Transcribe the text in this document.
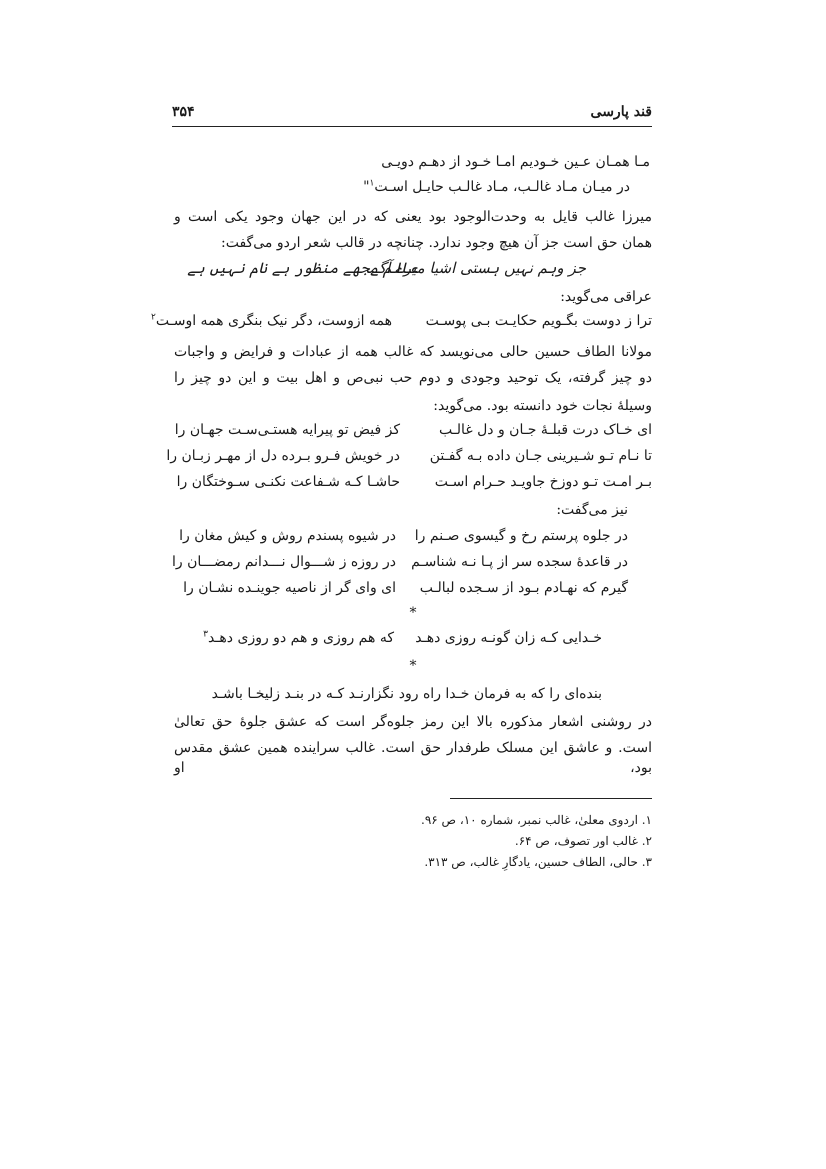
قند پارسی
۳۵۴
مـا همـان عـین خـودیم امـا خـود از دهـم دویـی
در میـان مـاد غالـب، مـاد غالـب حایـل اسـت$^۱$"
میرزا غالب قایل به وحدت‌الوجود بود یعنی که در این جهان وجود یکی است و
همان حق است جز آن هیچ وجود ندارد. چنانچه در قالب شعر اردو می‌گفت:
جز وہم نہیں ہستی اشیا میرے آگے
عالم مجھے منظور ہے نام نہیں ہے
عراقی می‌گوید:
ترا ز دوست بگـویم حکایـت بـی پوسـت
همه ازوست، دگر نیک بنگری همه اوسـت$^۲$
مولانا الطاف حسین حالی می‌نویسد که غالب همه از عبادات و فرایض و واجبات
دو چیز گرفته، یک توحید وجودی و دوم حب نبی‌ص و اهل بیت و این دو چیز را
وسیلهٔ نجات خود دانسته بود. می‌گوید:
ای خـاک درت قبلـهٔ جـان و دل غالـب
کز فیض تو پیرایه هستـی‌سـت جهـان را
تا نـام تـو شـیرینی جـان داده بـه گفـتن
در خویش فـرو بـرده دل از مهـر زبـان را
بـر امـت تـو دوزخ جاویـد حـرام اسـت
حاشـا کـه شـفاعت نکنـی سـوختگان را
نیز می‌گفت:
در جلوه پرستم رخ و گیسوی صـنم را
در شیوه پسندم روش و کیش مغان را
در قاعدهٔ سجده سر از پـا نـه شناسـم
در روزه ز شـــوال نـــدانم رمضـــان را
گیرم که نهـادم بـود از سـجده لبالـب
ای وای گر از ناصیه جوینـده نشـان را
*
خـدایی کـه زان گونـه روزی دهـد
که هم روزی و هم دو روزی دهـد$^۳$
*
بنده‌ای را که به فرمان خـدا راه رود
نگزارنـد کـه در بنـد زلیخـا باشـد
در روشنی اشعار مذکوره بالا این رمز جلوه‌گر است که عشق جلوهٔ حق تعالیٰ
است. و عاشق این مسلک طرفدار حق است. غالب سراینده همین عشق مقدس بود، او
۱. اردوی معلیٰ، غالب نمبر، شماره ۱۰، ص ۹۶.
۲. غالب اور تصوف، ص ۶۴.
۳. حالی، الطاف حسین، یادگارِ غالب، ص ۳۱۳.
